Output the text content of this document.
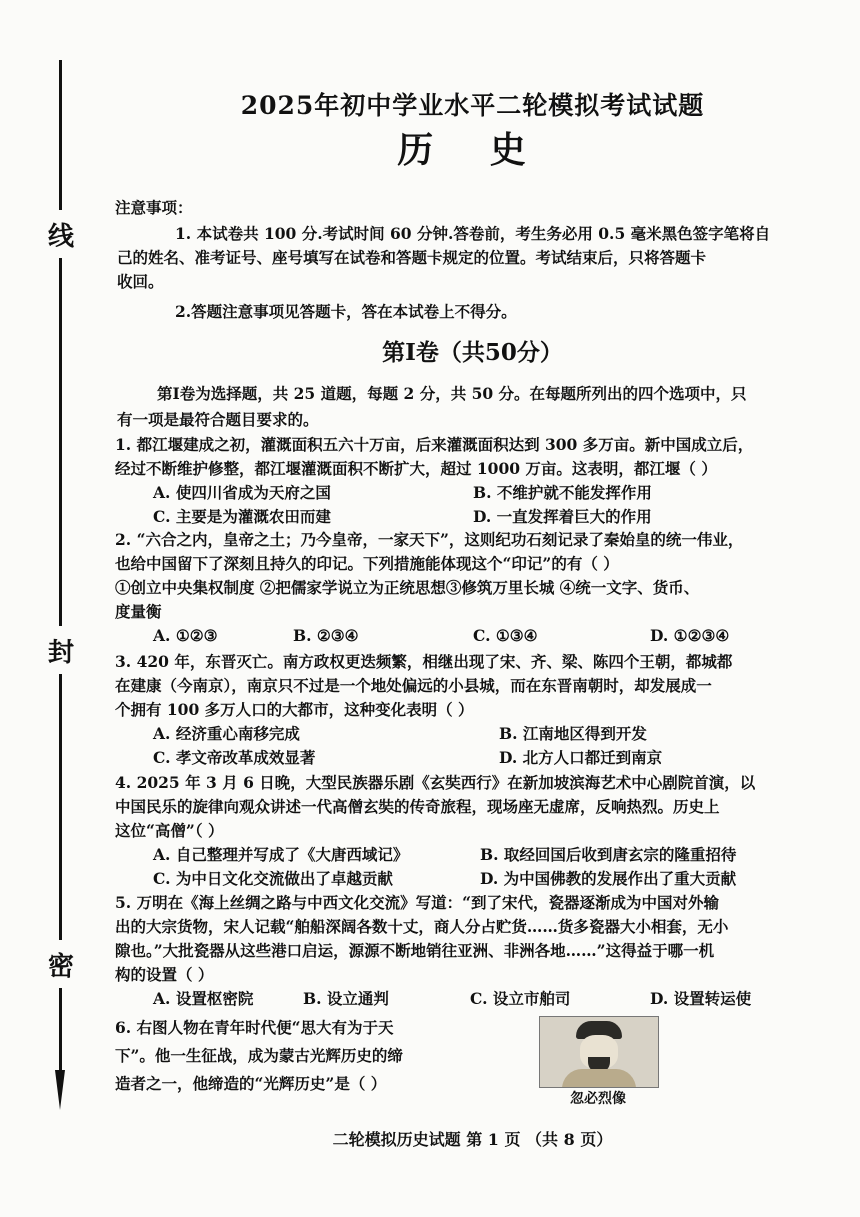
线
封
密
2025年初中学业水平二轮模拟考试试题
历 史
注意事项：
1. 本试卷共 100 分.考试时间 60 分钟.答卷前，考生务必用 0.5 毫米黑色签字笔将自
己的姓名、准考证号、座号填写在试卷和答题卡规定的位置。考试结束后，只将答题卡
收回。
2.答题注意事项见答题卡，答在本试卷上不得分。
第Ⅰ卷（共50分）
第Ⅰ卷为选择题，共 25 道题，每题 2 分，共 50 分。在每题所列出的四个选项中，只
有一项是最符合题目要求的。
1. 都江堰建成之初，灌溉面积五六十万亩，后来灌溉面积达到 300 多万亩。新中国成立后，
经过不断维护修整，都江堰灌溉面积不断扩大，超过 1000 万亩。这表明，都江堰（ ）
A. 使四川省成为天府之国	B. 不维护就不能发挥作用
C. 主要是为灌溉农田而建	D. 一直发挥着巨大的作用
2. “六合之内，皇帝之土；乃今皇帝，一家天下”，这则纪功石刻记录了秦始皇的统一伟业，
也给中国留下了深刻且持久的印记。下列措施能体现这个“印记”的有（ ）
①创立中央集权制度 ②把儒家学说立为正统思想③修筑万里长城 ④统一文字、货币、
度量衡
A. ①②③	B. ②③④	C. ①③④	D. ①②③④
3. 420 年，东晋灭亡。南方政权更迭频繁，相继出现了宋、齐、梁、陈四个王朝，都城都
在建康（今南京），南京只不过是一个地处偏远的小县城，而在东晋南朝时，却发展成一
个拥有 100 多万人口的大都市，这种变化表明（ ）
A. 经济重心南移完成	B. 江南地区得到开发
C. 孝文帝改革成效显著	D. 北方人口都迁到南京
4. 2025 年 3 月 6 日晚，大型民族器乐剧《玄奘西行》在新加坡滨海艺术中心剧院首演，以
中国民乐的旋律向观众讲述一代高僧玄奘的传奇旅程，现场座无虚席，反响热烈。历史上
这位“高僧”（ ）
A. 自己整理并写成了《大唐西域记》	B. 取经回国后收到唐玄宗的隆重招待
C. 为中日文化交流做出了卓越贡献	D. 为中国佛教的发展作出了重大贡献
5. 万明在《海上丝绸之路与中西文化交流》写道：“到了宋代，瓷器逐渐成为中国对外输
出的大宗货物，宋人记载“舶船深阔各数十丈，商人分占贮货……货多瓷器大小相套，无小
隙也。”大批瓷器从这些港口启运，源源不断地销往亚洲、非洲各地……”这得益于哪一机
构的设置（ ）
A. 设置枢密院	B. 设立通判	C. 设立市舶司	D. 设置转运使
6. 右图人物在青年时代便“思大有为于天
下”。他一生征战，成为蒙古光辉历史的缔
造者之一，他缔造的“光辉历史”是（ ）
忽必烈像
二轮模拟历史试题 第 1 页 （共 8 页）
